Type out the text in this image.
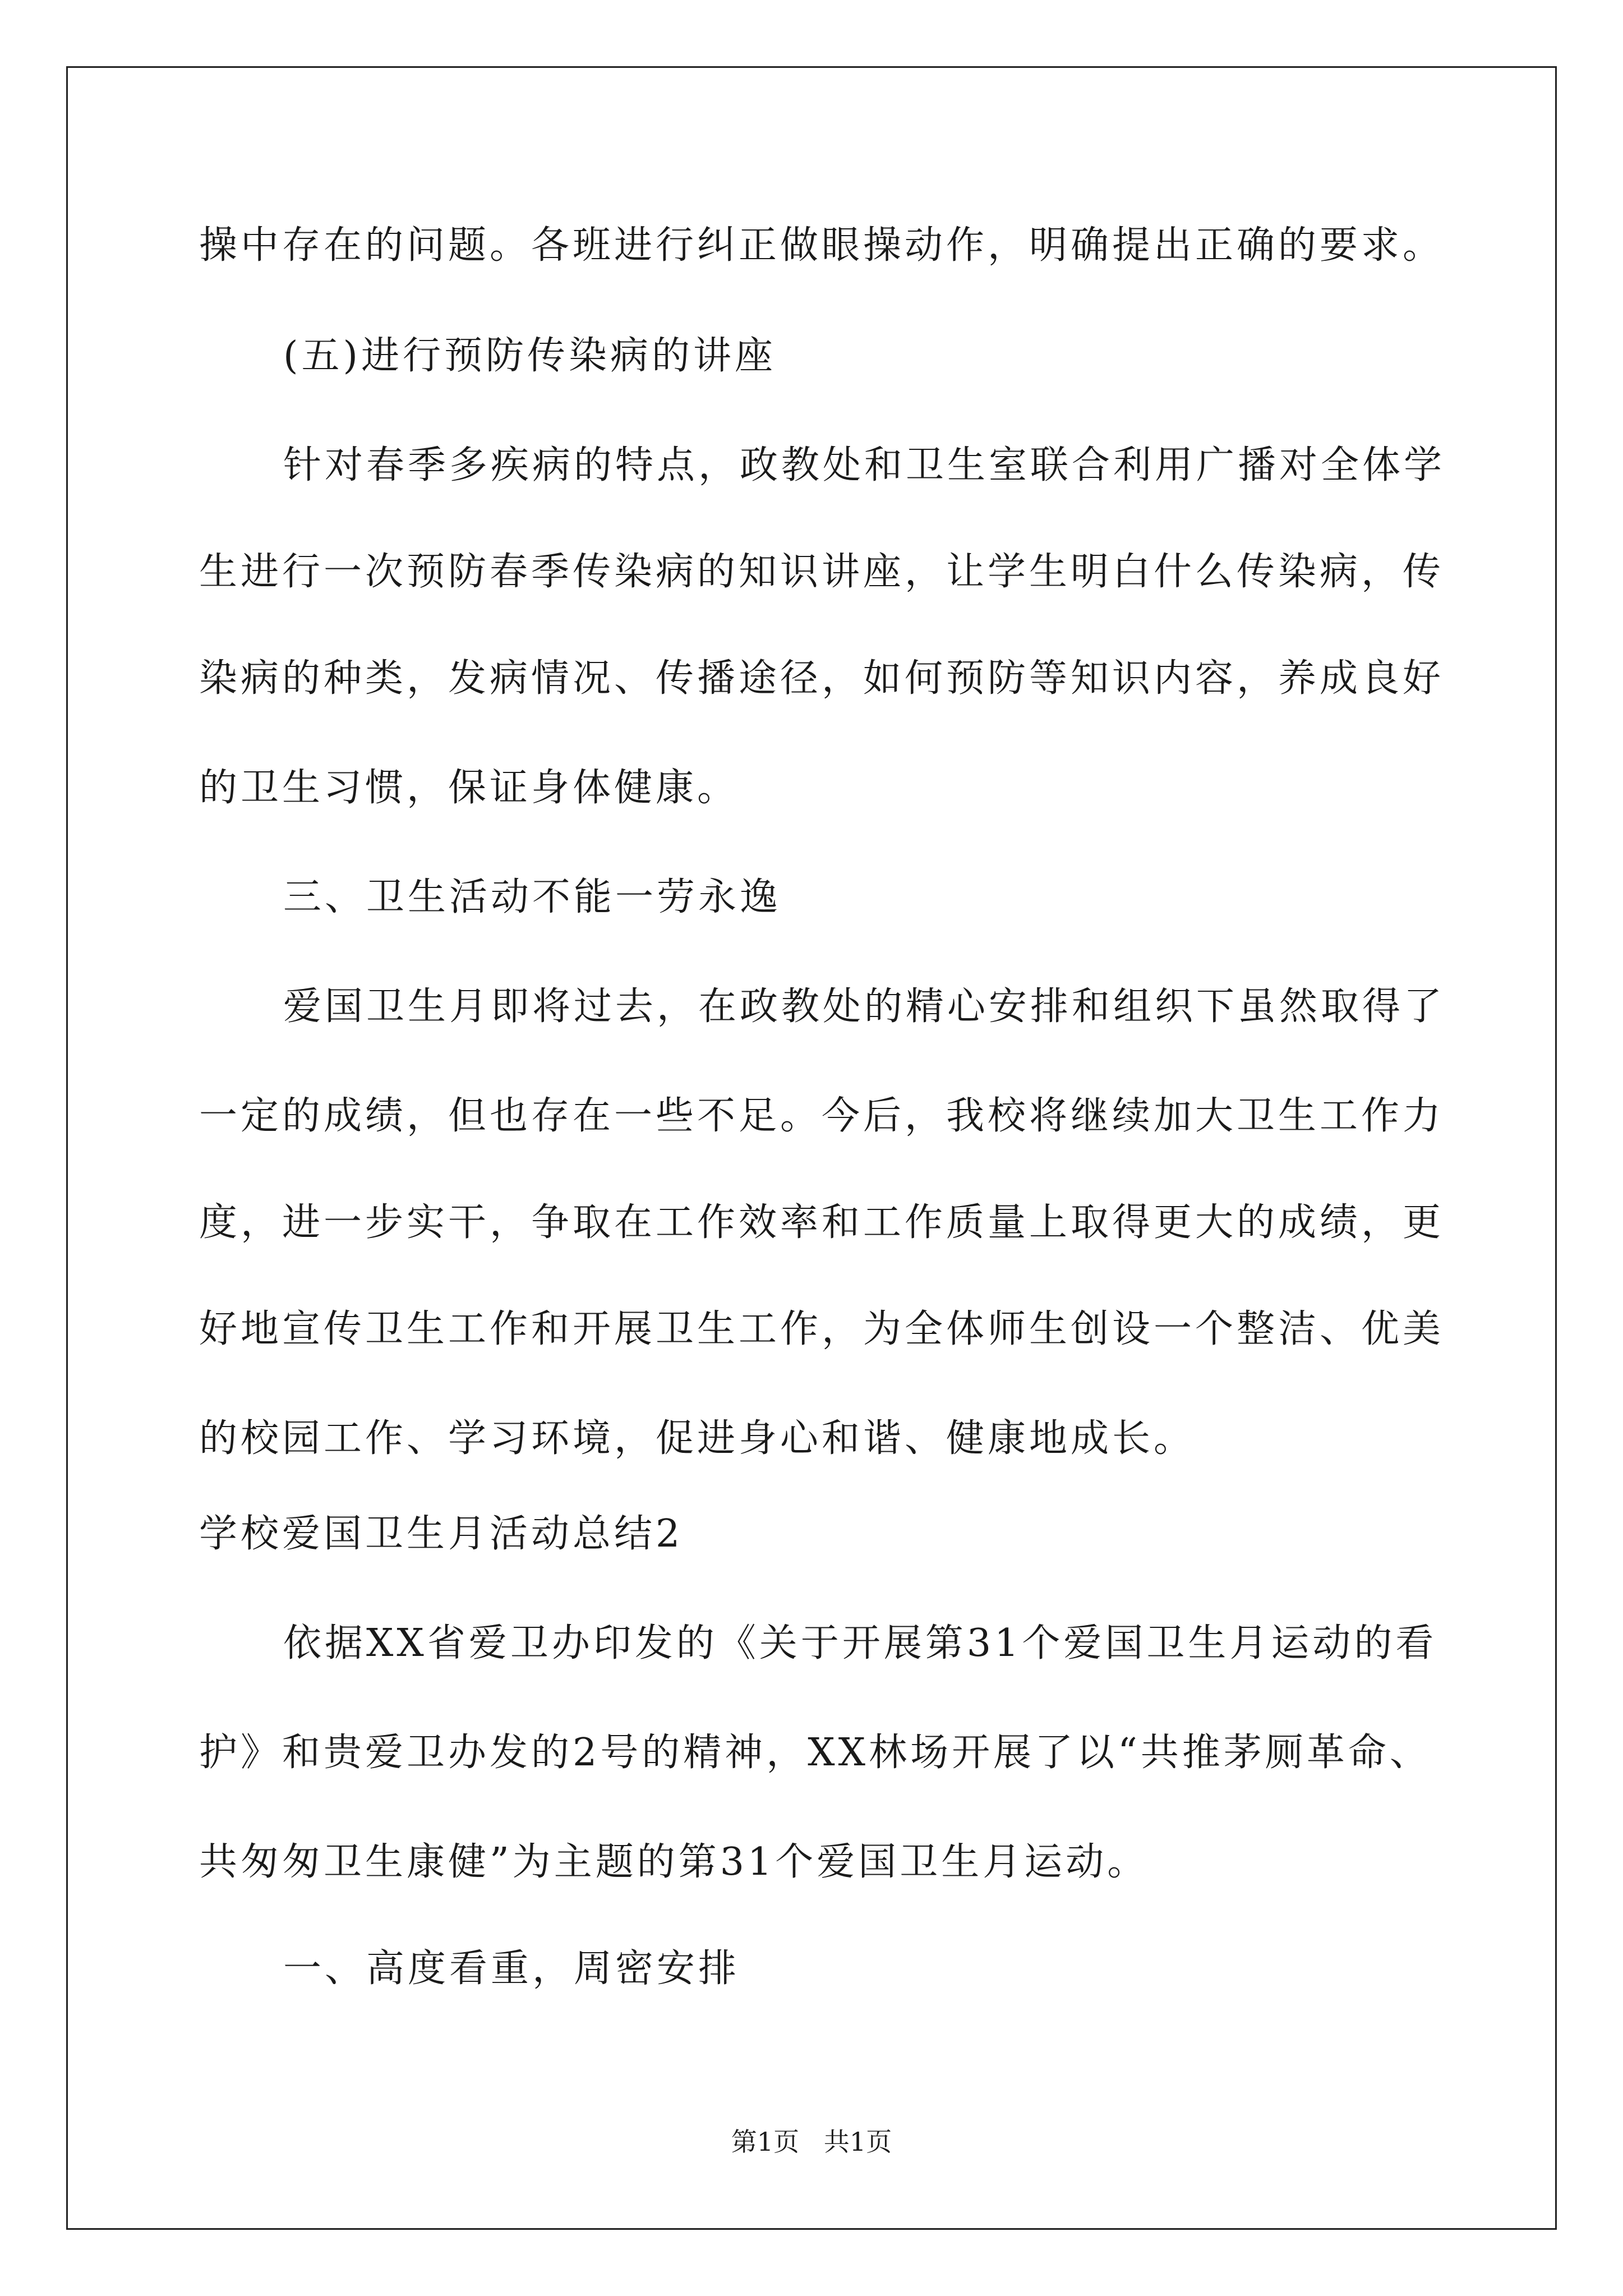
操中存在的问题。各班进行纠正做眼操动作，明确提出正确的要求。
(五)进行预防传染病的讲座
针对春季多疾病的特点，政教处和卫生室联合利用广播对全体学
生进行一次预防春季传染病的知识讲座，让学生明白什么传染病，传
染病的种类，发病情况、传播途径，如何预防等知识内容，养成良好
的卫生习惯，保证身体健康。
三、卫生活动不能一劳永逸
爱国卫生月即将过去，在政教处的精心安排和组织下虽然取得了
一定的成绩，但也存在一些不足。今后，我校将继续加大卫生工作力
度，进一步实干，争取在工作效率和工作质量上取得更大的成绩，更
好地宣传卫生工作和开展卫生工作，为全体师生创设一个整洁、优美
的校园工作、学习环境，促进身心和谐、健康地成长。
学校爱国卫生月活动总结2
依据XX省爱卫办印发的《关于开展第31个爱国卫生月运动的看
护》和贵爱卫办发的2号的精神，XX林场开展了以“共推茅厕革命、
共匆匆卫生康健”为主题的第31个爱国卫生月运动。
一、高度看重，周密安排
第1页   共1页
